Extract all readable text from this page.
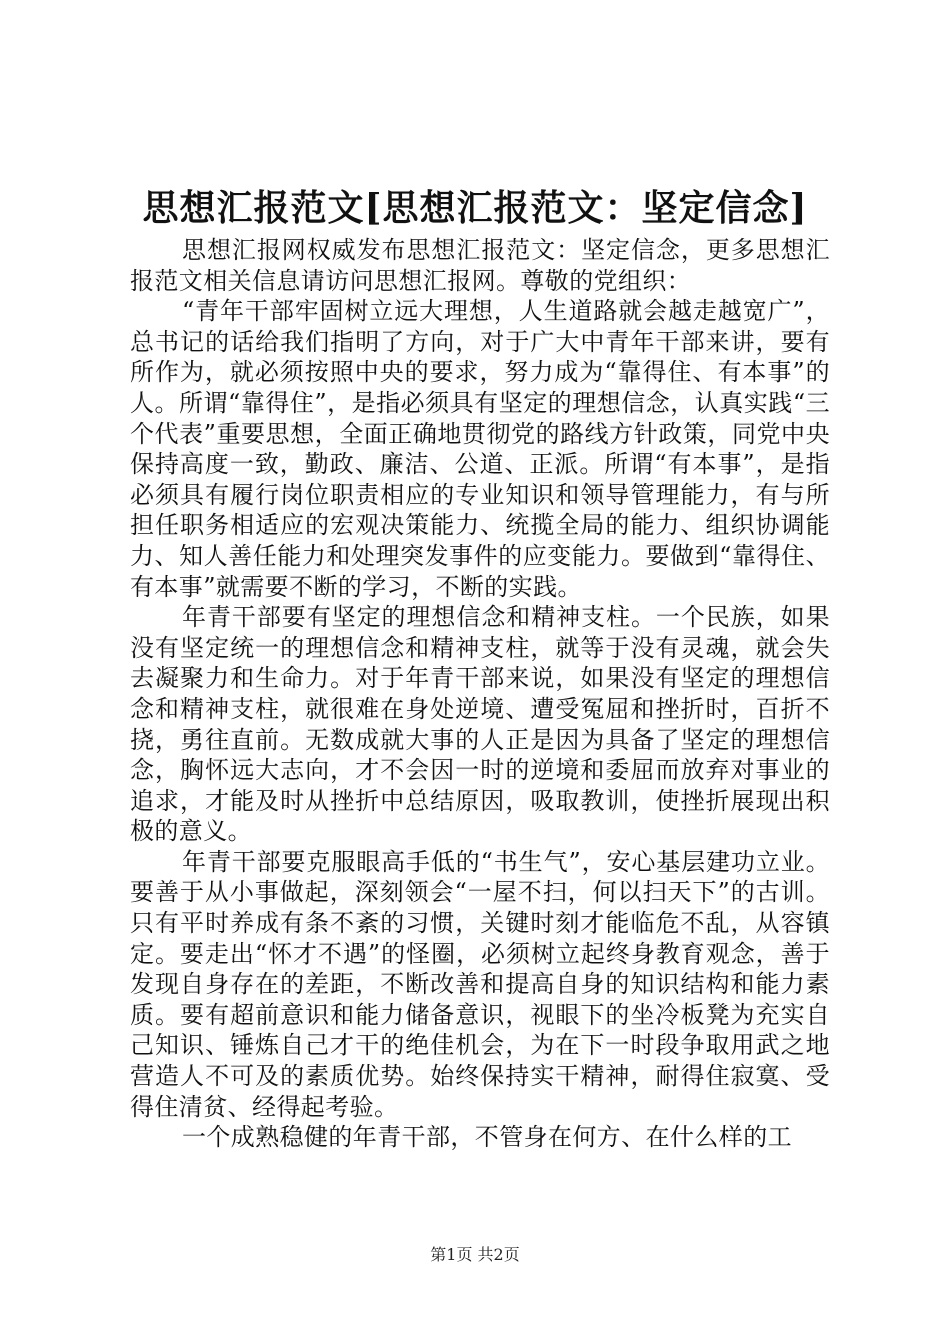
思想汇报范文[思想汇报范文：坚定信念]

思想汇报网权威发布思想汇报范文：坚定信念，更多思想汇报范文相关信息请访问思想汇报网。尊敬的党组织：

“青年干部牢固树立远大理想，人生道路就会越走越宽广”，总书记的话给我们指明了方向，对于广大中青年干部来讲，要有所作为，就必须按照中央的要求，努力成为“靠得住、有本事”的人。所谓“靠得住”，是指必须具有坚定的理想信念，认真实践“三个代表”重要思想，全面正确地贯彻党的路线方针政策，同党中央保持高度一致，勤政、廉洁、公道、正派。所谓“有本事”，是指必须具有履行岗位职责相应的专业知识和领导管理能力，有与所担任职务相适应的宏观决策能力、统揽全局的能力、组织协调能力、知人善任能力和处理突发事件的应变能力。要做到“靠得住、有本事”就需要不断的学习，不断的实践。

年青干部要有坚定的理想信念和精神支柱。一个民族，如果没有坚定统一的理想信念和精神支柱，就等于没有灵魂，就会失去凝聚力和生命力。对于年青干部来说，如果没有坚定的理想信念和精神支柱，就很难在身处逆境、遭受冤屈和挫折时，百折不挠，勇往直前。无数成就大事的人正是因为具备了坚定的理想信念，胸怀远大志向，才不会因一时的逆境和委屈而放弃对事业的追求，才能及时从挫折中总结原因，吸取教训，使挫折展现出积极的意义。

年青干部要克服眼高手低的“书生气”，安心基层建功立业。要善于从小事做起，深刻领会“一屋不扫，何以扫天下”的古训。只有平时养成有条不紊的习惯，关键时刻才能临危不乱，从容镇定。要走出“怀才不遇”的怪圈，必须树立起终身教育观念，善于发现自身存在的差距，不断改善和提高自身的知识结构和能力素质。要有超前意识和能力储备意识，视眼下的坐冷板凳为充实自己知识、锤炼自己才干的绝佳机会，为在下一时段争取用武之地营造人不可及的素质优势。始终保持实干精神，耐得住寂寞、受得住清贫、经得起考验。

一个成熟稳健的年青干部，不管身在何方、在什么样的工

第1页 共2页
